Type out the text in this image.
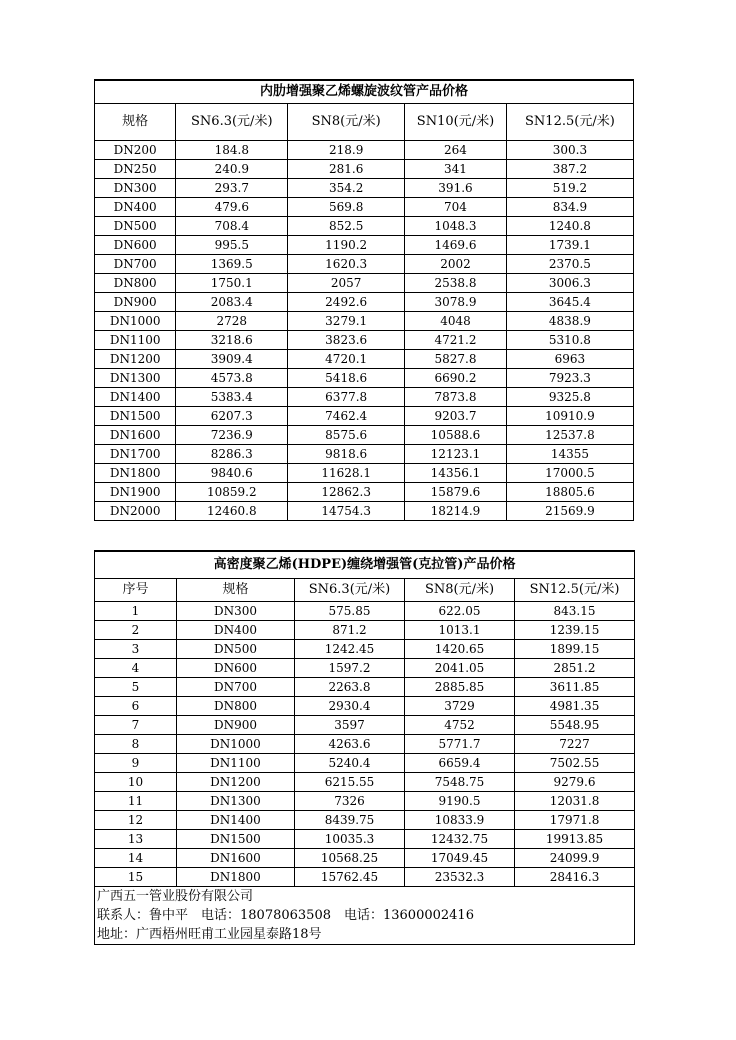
内肋增强聚乙烯螺旋波纹管产品价格				
规格	SN6.3(元/米)	SN8(元/米)	SN10(元/米)	SN12.5(元/米)
DN200	184.8	218.9	264	300.3
DN250	240.9	281.6	341	387.2
DN300	293.7	354.2	391.6	519.2
DN400	479.6	569.8	704	834.9
DN500	708.4	852.5	1048.3	1240.8
DN600	995.5	1190.2	1469.6	1739.1
DN700	1369.5	1620.3	2002	2370.5
DN800	1750.1	2057	2538.8	3006.3
DN900	2083.4	2492.6	3078.9	3645.4
DN1000	2728	3279.1	4048	4838.9
DN1100	3218.6	3823.6	4721.2	5310.8
DN1200	3909.4	4720.1	5827.8	6963
DN1300	4573.8	5418.6	6690.2	7923.3
DN1400	5383.4	6377.8	7873.8	9325.8
DN1500	6207.3	7462.4	9203.7	10910.9
DN1600	7236.9	8575.6	10588.6	12537.8
DN1700	8286.3	9818.6	12123.1	14355
DN1800	9840.6	11628.1	14356.1	17000.5
DN1900	10859.2	12862.3	15879.6	18805.6
DN2000	12460.8	14754.3	18214.9	21569.9
高密度聚乙烯(HDPE)缠绕增强管(克拉管)产品价格				
序号	规格	SN6.3(元/米)	SN8(元/米)	SN12.5(元/米)
1	DN300	575.85	622.05	843.15
2	DN400	871.2	1013.1	1239.15
3	DN500	1242.45	1420.65	1899.15
4	DN600	1597.2	2041.05	2851.2
5	DN700	2263.8	2885.85	3611.85
6	DN800	2930.4	3729	4981.35
7	DN900	3597	4752	5548.95
8	DN1000	4263.6	5771.7	7227
9	DN1100	5240.4	6659.4	7502.55
10	DN1200	6215.55	7548.75	9279.6
11	DN1300	7326	9190.5	12031.8
12	DN1400	8439.75	10833.9	17971.8
13	DN1500	10035.3	12432.75	19913.85
14	DN1600	10568.25	17049.45	24099.9
15	DN1800	15762.45	23532.3	28416.3
广西五一管业股份有限公司				
联系人：鲁中平　电话：18078063508　电话：13600002416				
地址：广西梧州旺甫工业园星泰路18号				
